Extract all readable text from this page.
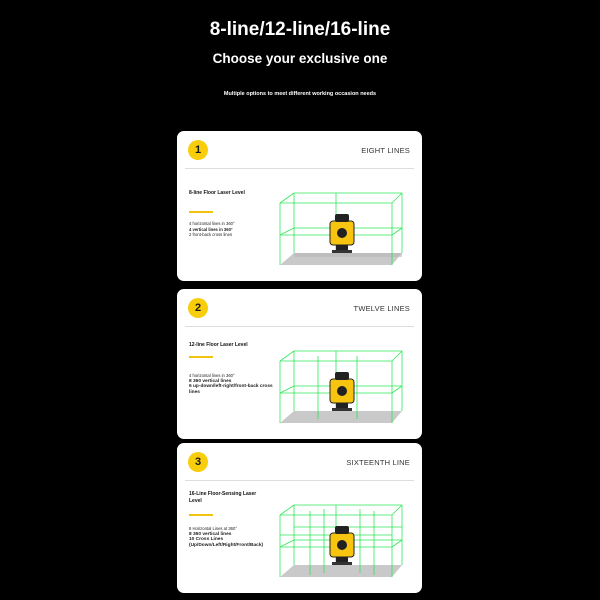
8-line/12-line/16-line
Choose your exclusive one
Multiple options to meet different working occasion needs
1	EIGHT LINES
8-line Floor Laser Level
4 horizontal lines in 360°
4 vertical lines in 360°
2 front-back cross lines
2	TWELVE LINES
12-line Floor Laser Level
4 horizontal lines in 360°
8 360 vertical lines
6 up-down/left-right/front-back cross lines
3	SIXTEENTH LINE
16-Line Floor-Sensing Laser Level
8 Horizontal Lines at 360°
8 360 vertical lines
10 Cross Lines (Up/Down/Left/Right/Front/Back)
